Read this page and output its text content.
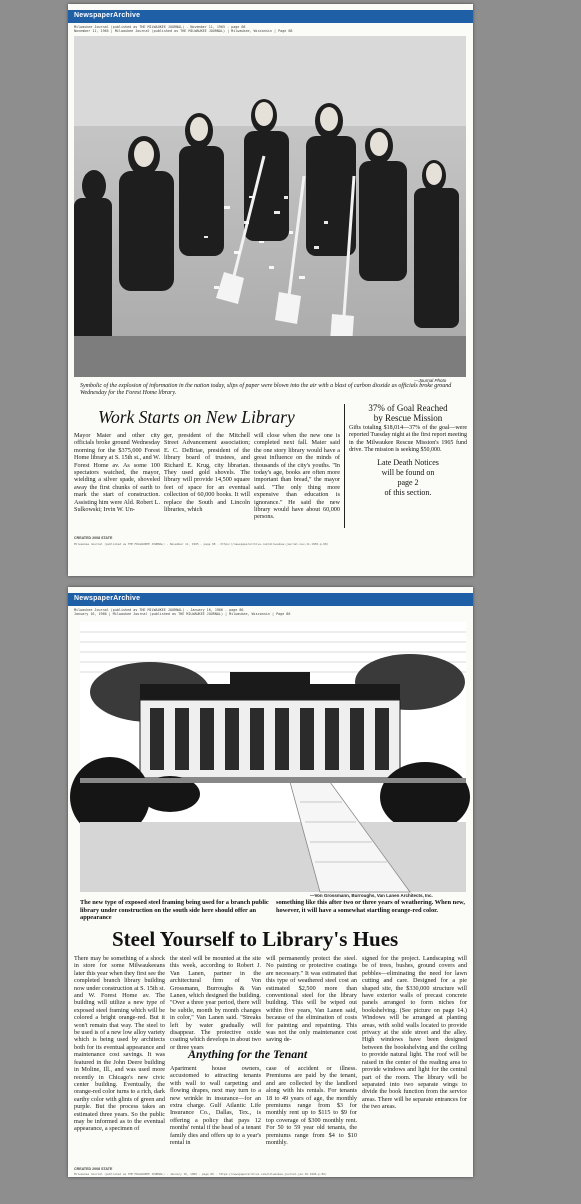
NewspaperArchive
Milwaukee Journal (published as THE MILWAUKEE JOURNAL) - November 11, 1965 - page 68
November 11, 1965 | Milwaukee Journal (published as THE MILWAUKEE JOURNAL) | Milwaukee, Wisconsin | Page 68
—Journal Photo
Symbolic of the explosion of information in the nation today, slips of paper were blown into the air with a blast of carbon dioxide as officials broke ground Wednesday for the Forest Home library.
Work Starts on New Library
Mayor Maier and other city officials broke ground Wednesday morning for the $375,000 Forest Home library at S. 15th st., and W. Forest Home av. As some 100 spectators watched, the mayor, wielding a silver spade, shoveled away the first chunks of earth to mark the start of construction. Assisting him were Ald. Robert L. Sulkowski; Irvin W. Un-
ger, president of the Mitchell Street Advancement association; E. C. DeBriae, president of the library board of trustees, and Richard E. Krug, city librarian. They used gold shovels. The library will provide 14,500 square feet of space for an eventual collection of 60,000 books. It will replace the South and Lincoln libraries, which
will close when the new one is completed next fall. Maier said the one story library would have a great influence on the minds of thousands of the city's youths. "In today's age, books are often more important than bread," the mayor said. "The only thing more expensive than education is ignorance." He said the new library would have about 60,000 persons.
37% of Goal Reached
by Rescue Mission
Gifts totaling $18,014—37% of the goal—were reported Tuesday night at the first report meeting in the Milwaukee Rescue Mission's 1965 fund drive. The mission is seeking $50,000.
Late Death Notices
will be found on
page 2
of this section.
CREATED 2008 STATE
Milwaukee Journal (published as THE MILWAUKEE JOURNAL) - November 11, 1965 - page 68 - https://newspaperarchive.com/milwaukee-journal-nov-11-1965-p-68/
NewspaperArchive
Milwaukee Journal (published as THE MILWAUKEE JOURNAL) - January 16, 1966 - page 86
January 16, 1966 | Milwaukee Journal (published as THE MILWAUKEE JOURNAL) | Milwaukee, Wisconsin | Page 86
—Von Grossmann, Burroughs, Van Lanen Architects, Inc.
The new type of exposed steel framing being used for a branch public library under construction on the south side here should offer an appearance
something like this after two or three years of weathering. When new, however, it will have a somewhat startling orange-red color.
Steel Yourself to Library's Hues
There may be something of a shock in store for some Milwaukeeans later this year when they first see the completed branch library building now under construction at S. 15th st. and W. Forest Home av. The building will utilize a new type of exposed steel framing which will be colored a bright orange-red. But it won't remain that way. The steel to be used is of a new low alloy variety which is being used by architects both for its eventual appearance and maintenance cost savings. It was featured in the John Deere building in Moline, Ill., and was used more recently in Chicago's new civic center building. Eventually, the orange-red color turns to a rich, dark earthy color with glints of green and purple. But the process takes an estimated three years. So the public may be informed as to the eventual appearance, a specimen of
the steel will be mounted at the site this week, according to Robert J. Van Lanen, partner in the architectural firm of Von Grossmann, Burroughs & Van Lanen, which designed the building. "Over a three year period, there will be subtle, month by month changes in color," Van Lanen said. "Streaks left by water gradually will disappear. The protective oxide coating which develops in about two or three years
will permanently protect the steel. No painting or protective coatings are necessary." It was estimated that this type of weathered steel cost an estimated $2,500 more than conventional steel for the library building. This will be wiped out within five years, Van Lanen said, because of the elimination of costs for painting and repainting. This was not the only maintenance cost saving de-
signed for the project. Landscaping will be of trees, bushes, ground covers and pebbles—eliminating the need for lawn cutting and care. Designed for a pie shaped site, the $330,000 structure will have exterior walls of precast concrete panels arranged to form niches for bookshelving. (See picture on page 14.) Windows will be arranged at planting areas, with solid walls located to provide privacy at the side street and the alley. High windows have been designed between the bookshelving and the ceiling to provide natural light. The roof will be raised in the center of the reading area to provide windows and light for the central part of the room. The library will be separated into two separate wings to divide the book function from the service areas. There will be separate entrances for the two areas.
Anything for the Tenant
Apartment house owners, accustomed to attracting tenants with wall to wall carpeting and flowing drapes, next may turn to a new wrinkle in insurance—for an extra charge. Gulf Atlantic Life Insurance Co., Dallas, Tex., is offering a policy that pays 12 months' rental if the head of a tenant family dies and offers up to a year's rental in
case of accident or illness. Premiums are paid by the tenant, and are collected by the landlord along with his rentals. For tenants 18 to 49 years of age, the monthly premiums range from $3 for monthly rent up to $115 to $9 for top coverage of $300 monthly rent. For 50 to 59 year old tenants, the premiums range from $4 to $10 monthly.
CREATED 2008 STATE
Milwaukee Journal (published as THE MILWAUKEE JOURNAL) - January 16, 1966 - page 86 - https://newspaperarchive.com/milwaukee-journal-jan-16-1966-p-86/
